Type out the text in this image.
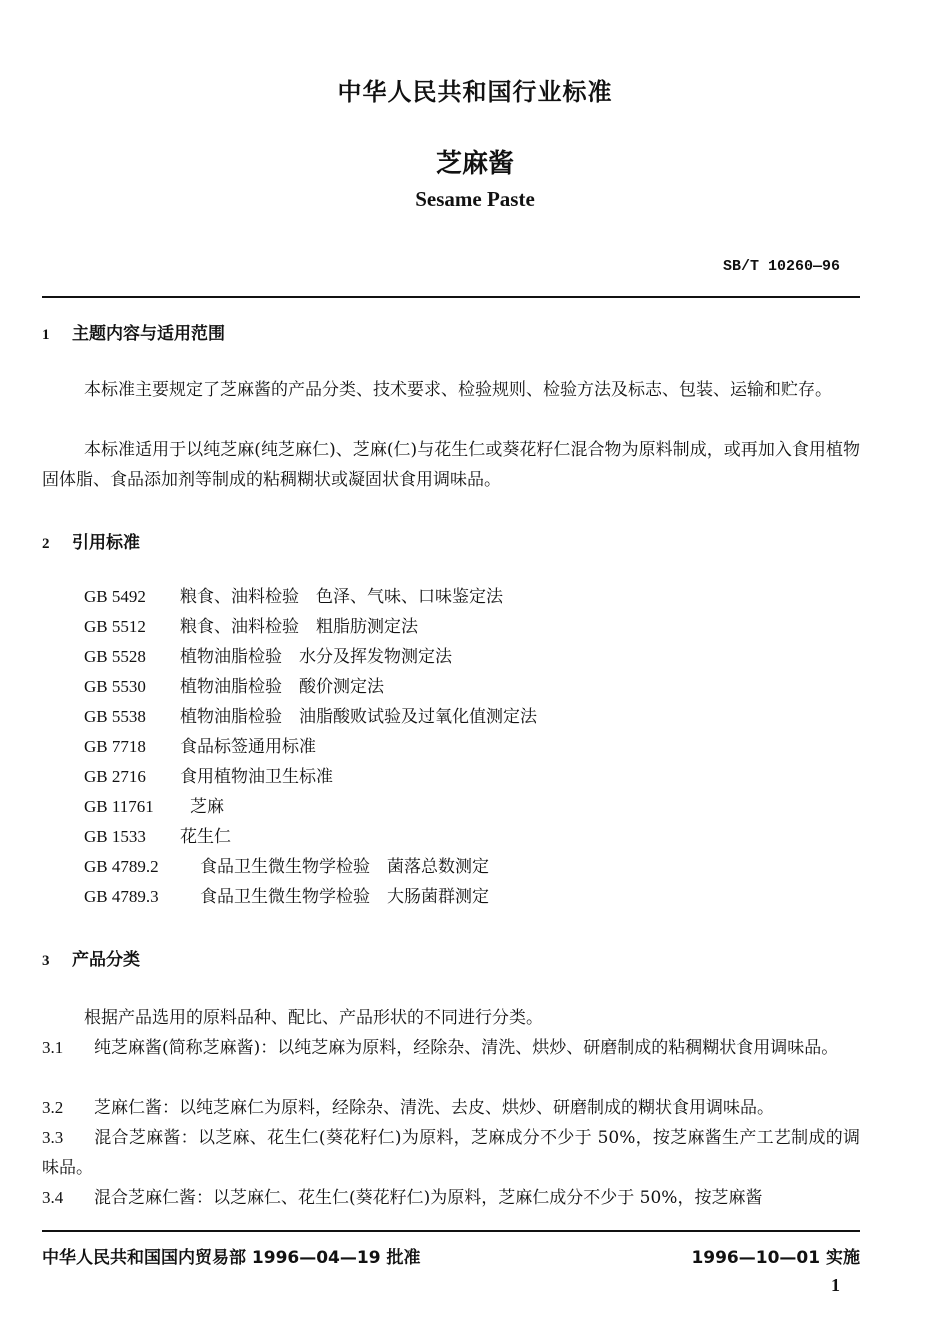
中华人民共和国行业标准
芝麻酱
Sesame Paste
SB/T 10260—96
1 主题内容与适用范围
本标准主要规定了芝麻酱的产品分类、技术要求、检验规则、检验方法及标志、包装、运输和贮存。
本标准适用于以纯芝麻(纯芝麻仁)、芝麻(仁)与花生仁或葵花籽仁混合物为原料制成，或再加入食用植物固体脂、食品添加剂等制成的粘稠糊状或凝固状食用调味品。
2 引用标准
GB 5492 粮食、油料检验　色泽、气味、口味鉴定法
GB 5512 粮食、油料检验　粗脂肪测定法
GB 5528 植物油脂检验　水分及挥发物测定法
GB 5530 植物油脂检验　酸价测定法
GB 5538 植物油脂检验　油脂酸败试验及过氧化值测定法
GB 7718 食品标签通用标准
GB 2716 食用植物油卫生标准
GB 11761 芝麻
GB 1533 花生仁
GB 4789.2 食品卫生微生物学检验　菌落总数测定
GB 4789.3 食品卫生微生物学检验　大肠菌群测定
3 产品分类
根据产品选用的原料品种、配比、产品形状的不同进行分类。
3.1 纯芝麻酱(简称芝麻酱)：以纯芝麻为原料，经除杂、清洗、烘炒、研磨制成的粘稠糊状食用调味品。
3.2 芝麻仁酱：以纯芝麻仁为原料，经除杂、清洗、去皮、烘炒、研磨制成的糊状食用调味品。
3.3 混合芝麻酱：以芝麻、花生仁(葵花籽仁)为原料，芝麻成分不少于 50%，按芝麻酱生产工艺制成的调味品。
3.4 混合芝麻仁酱：以芝麻仁、花生仁(葵花籽仁)为原料，芝麻仁成分不少于 50%，按芝麻酱
中华人民共和国国内贸易部 1996—04—19 批准	1996—10—01 实施
1
